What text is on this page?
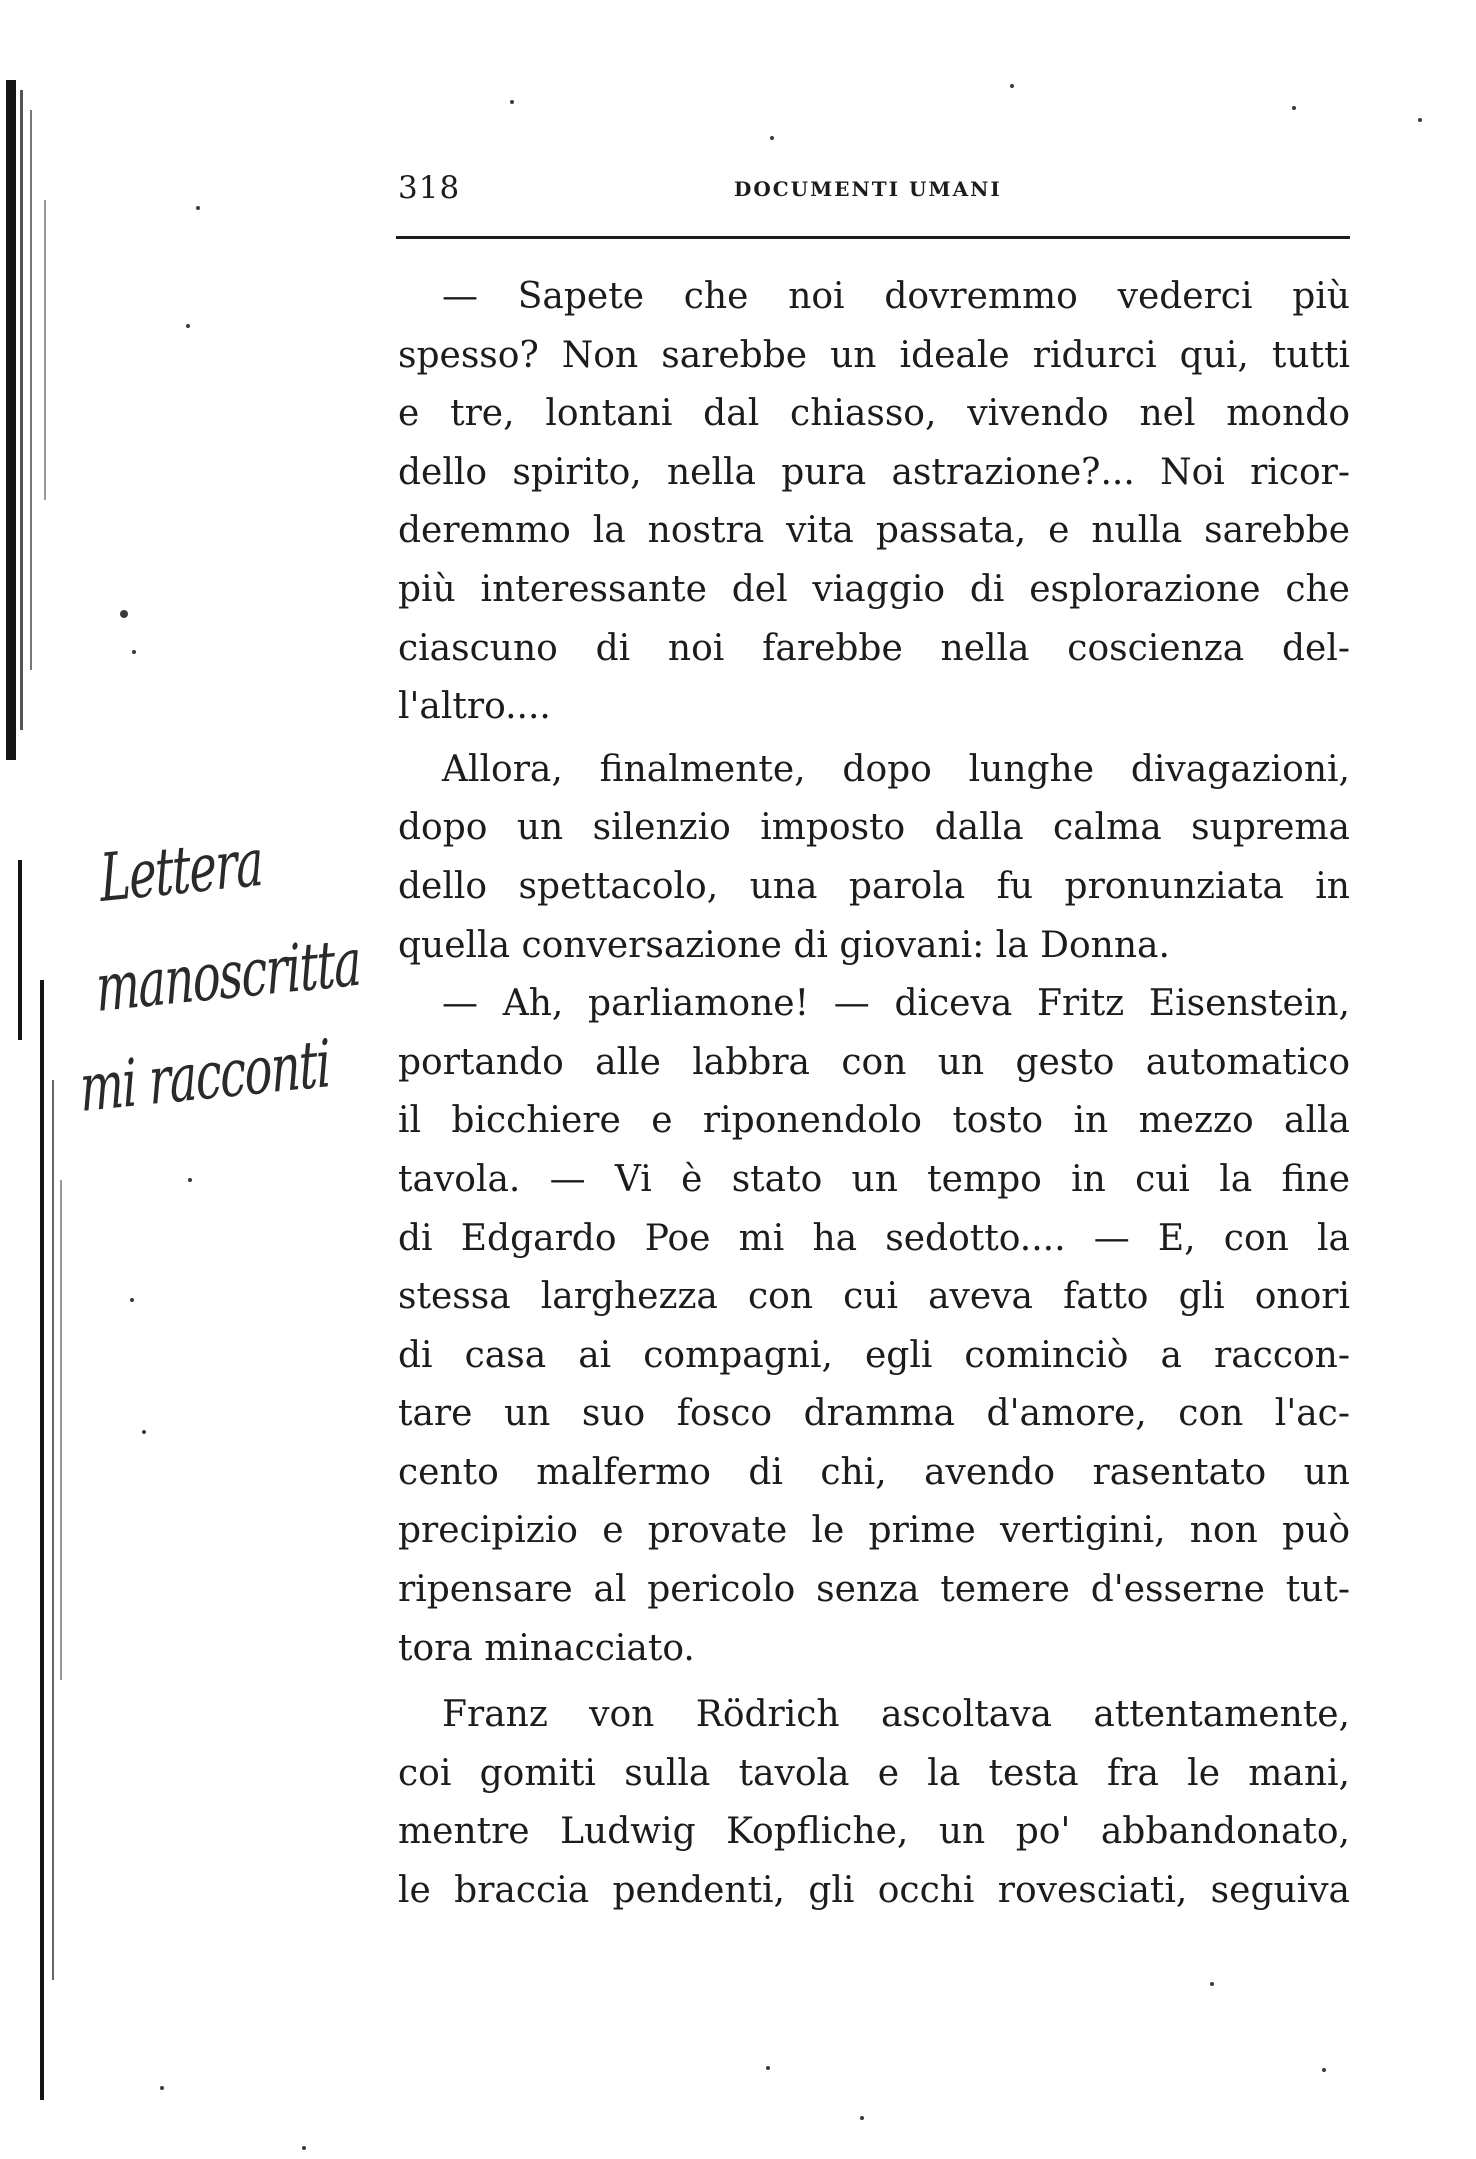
Lettera
manoscritta
mi racconti
318	DOCUMENTI UMANI
— Sapete che noi dovremmo vederci più
spesso? Non sarebbe un ideale ridurci qui, tutti
e tre, lontani dal chiasso, vivendo nel mondo
dello spirito, nella pura astrazione?... Noi ricor-
deremmo la nostra vita passata, e nulla sarebbe
più interessante del viaggio di esplorazione che
ciascuno di noi farebbe nella coscienza del-
l'altro....
Allora, finalmente, dopo lunghe divagazioni,
dopo un silenzio imposto dalla calma suprema
dello spettacolo, una parola fu pronunziata in
quella conversazione di giovani: la Donna.
— Ah, parliamone! — diceva Fritz Eisenstein,
portando alle labbra con un gesto automatico
il bicchiere e riponendolo tosto in mezzo alla
tavola. — Vi è stato un tempo in cui la fine
di Edgardo Poe mi ha sedotto.... — E, con la
stessa larghezza con cui aveva fatto gli onori
di casa ai compagni, egli cominciò a raccon-
tare un suo fosco dramma d'amore, con l'ac-
cento malfermo di chi, avendo rasentato un
precipizio e provate le prime vertigini, non può
ripensare al pericolo senza temere d'esserne tut-
tora minacciato.
Franz von Rödrich ascoltava attentamente,
coi gomiti sulla tavola e la testa fra le mani,
mentre Ludwig Kopfliche, un po' abbandonato,
le braccia pendenti, gli occhi rovesciati, seguiva
